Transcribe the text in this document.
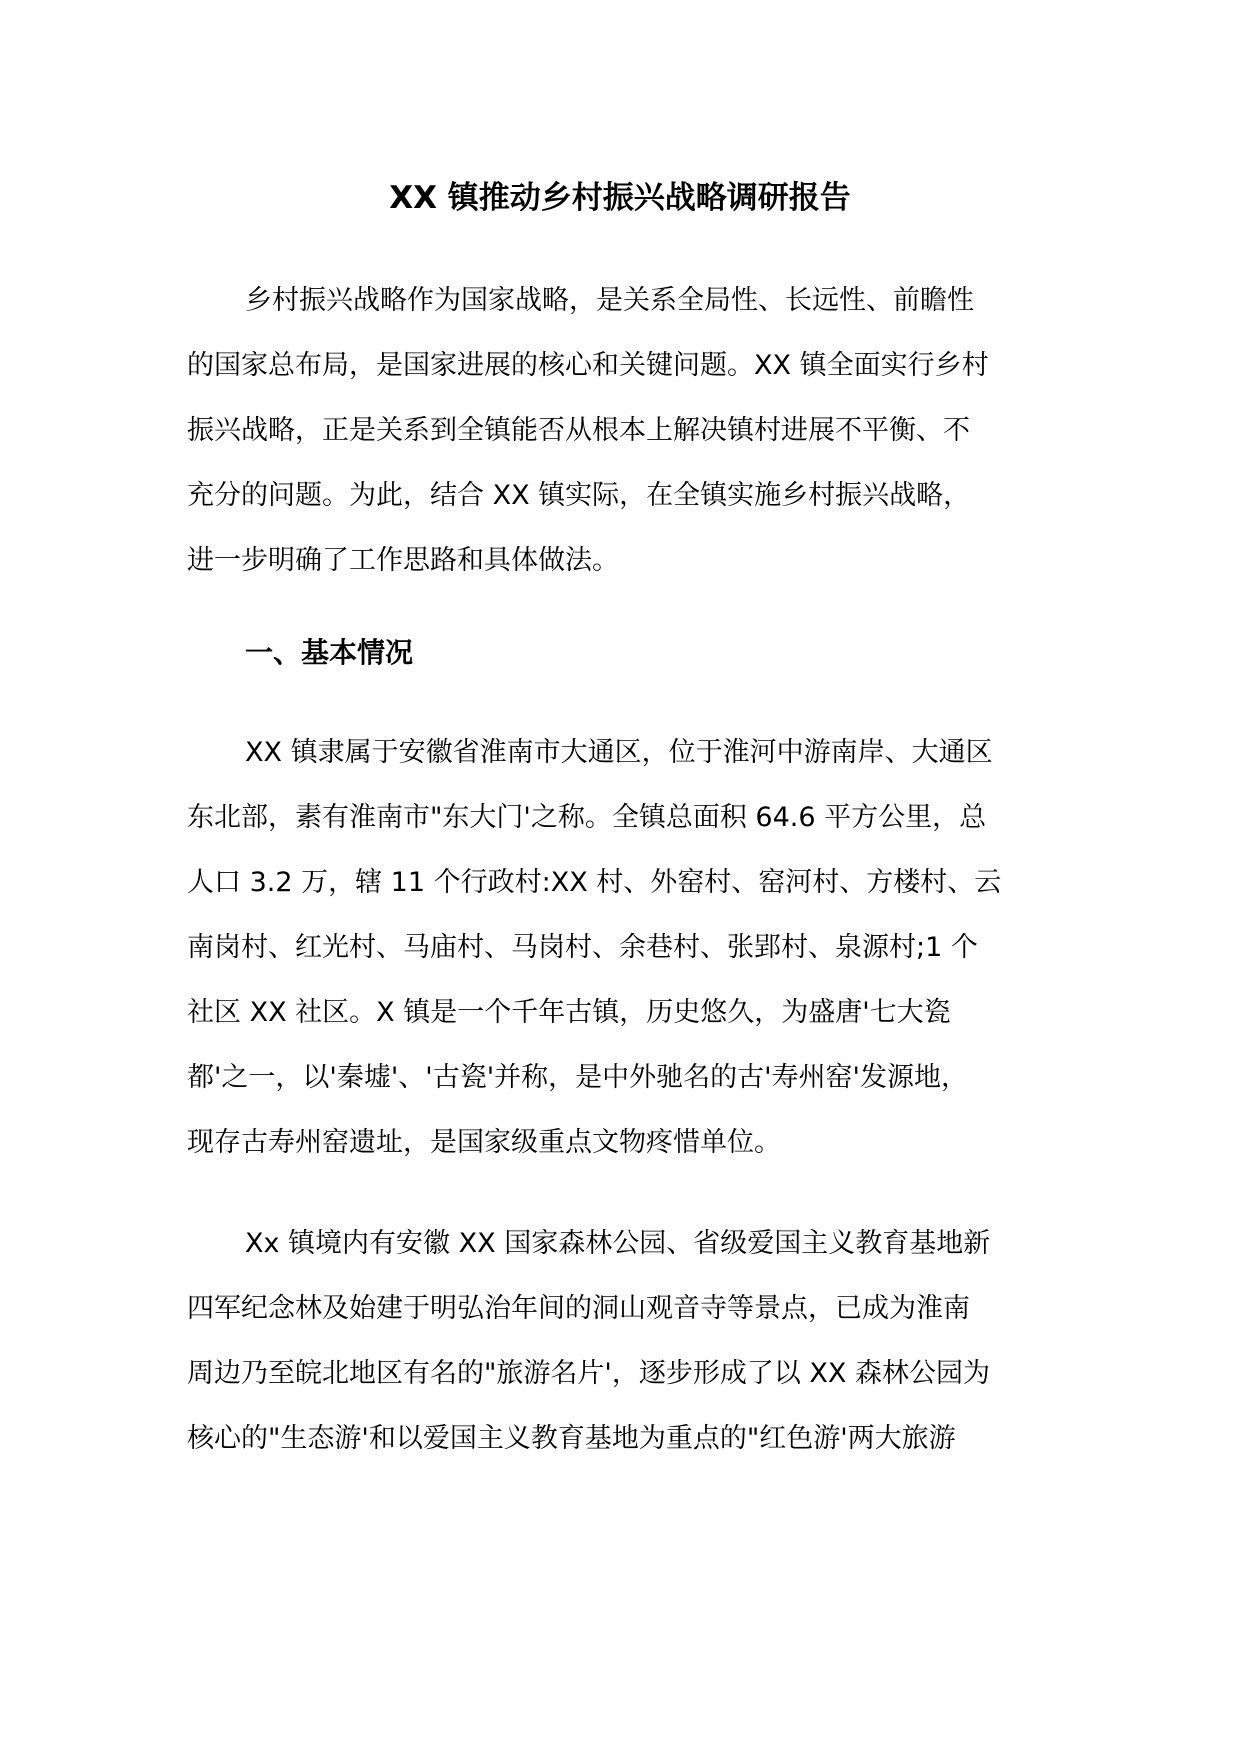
XX 镇推动乡村振兴战略调研报告

乡村振兴战略作为国家战略，是关系全局性、长远性、前瞻性
的国家总布局，是国家进展的核心和关键问题。XX 镇全面实行乡村
振兴战略，正是关系到全镇能否从根本上解决镇村进展不平衡、不
充分的问题。为此，结合 XX 镇实际，在全镇实施乡村振兴战略，
进一步明确了工作思路和具体做法。

一、基本情况

XX 镇隶属于安徽省淮南市大通区，位于淮河中游南岸、大通区
东北部，素有淮南市"东大门'之称。全镇总面积 64.6 平方公里，总
人口 3.2 万，辖 11 个行政村:XX 村、外窑村、窑河村、方楼村、云
南岗村、红光村、马庙村、马岗村、余巷村、张郢村、泉源村;1 个
社区 XX 社区。X 镇是一个千年古镇，历史悠久，为盛唐'七大瓷
都'之一，以'秦墟'、'古瓷'并称，是中外驰名的古'寿州窑'发源地，
现存古寿州窑遗址，是国家级重点文物疼惜单位。

Xx 镇境内有安徽 XX 国家森林公园、省级爱国主义教育基地新
四军纪念林及始建于明弘治年间的洞山观音寺等景点，已成为淮南
周边乃至皖北地区有名的"旅游名片'，逐步形成了以 XX 森林公园为
核心的"生态游'和以爱国主义教育基地为重点的"红色游'两大旅游
